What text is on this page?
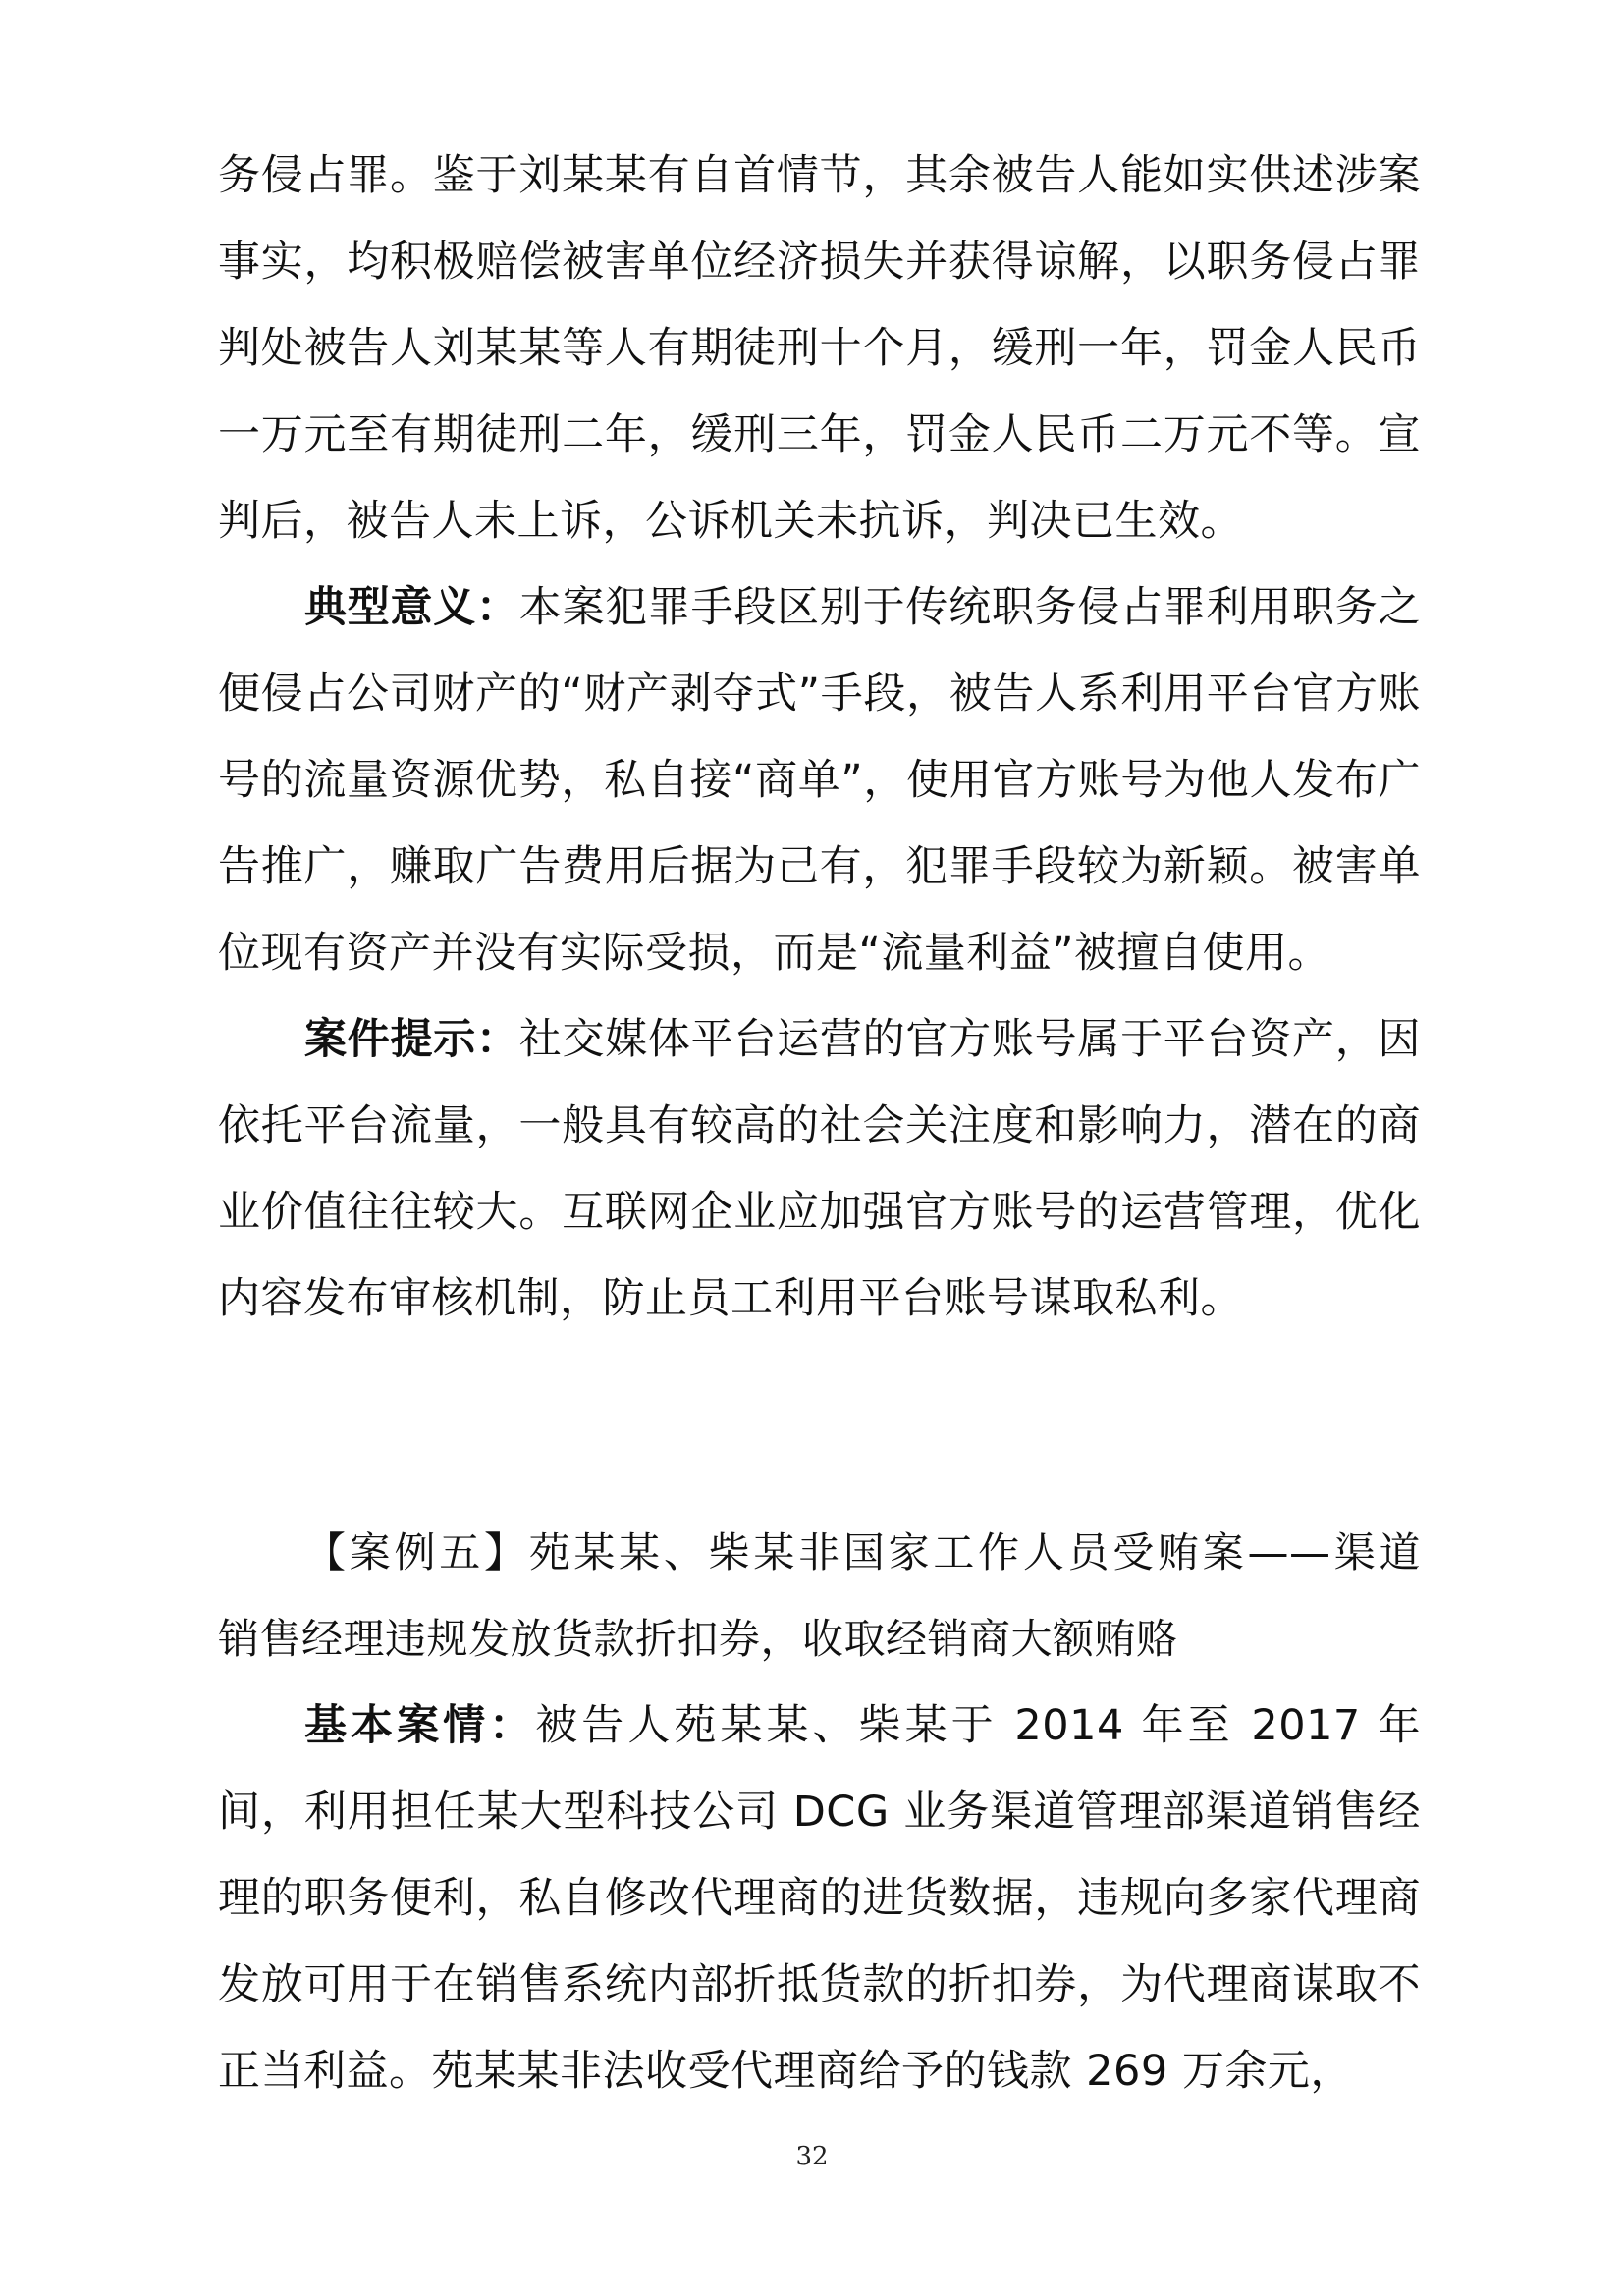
务侵占罪。鉴于刘某某有自首情节，其余被告人能如实供述涉案事实，均积极赔偿被害单位经济损失并获得谅解，以职务侵占罪判处被告人刘某某等人有期徒刑十个月，缓刑一年，罚金人民币一万元至有期徒刑二年，缓刑三年，罚金人民币二万元不等。宣判后，被告人未上诉，公诉机关未抗诉，判决已生效。

典型意义：本案犯罪手段区别于传统职务侵占罪利用职务之便侵占公司财产的“财产剥夺式”手段，被告人系利用平台官方账号的流量资源优势，私自接“商单”，使用官方账号为他人发布广告推广，赚取广告费用后据为己有，犯罪手段较为新颖。被害单位现有资产并没有实际受损，而是“流量利益”被擅自使用。

案件提示：社交媒体平台运营的官方账号属于平台资产，因依托平台流量，一般具有较高的社会关注度和影响力，潜在的商业价值往往较大。互联网企业应加强官方账号的运营管理，优化内容发布审核机制，防止员工利用平台账号谋取私利。

【案例五】苑某某、柴某非国家工作人员受贿案——渠道
销售经理违规发放货款折扣券，收取经销商大额贿赂

基本案情：被告人苑某某、柴某于 2014 年至 2017 年间，利用担任某大型科技公司 DCG 业务渠道管理部渠道销售经理的职务便利，私自修改代理商的进货数据，违规向多家代理商发放可用于在销售系统内部折抵货款的折扣券，为代理商谋取不正当利益。苑某某非法收受代理商给予的钱款 269 万余元，

32
